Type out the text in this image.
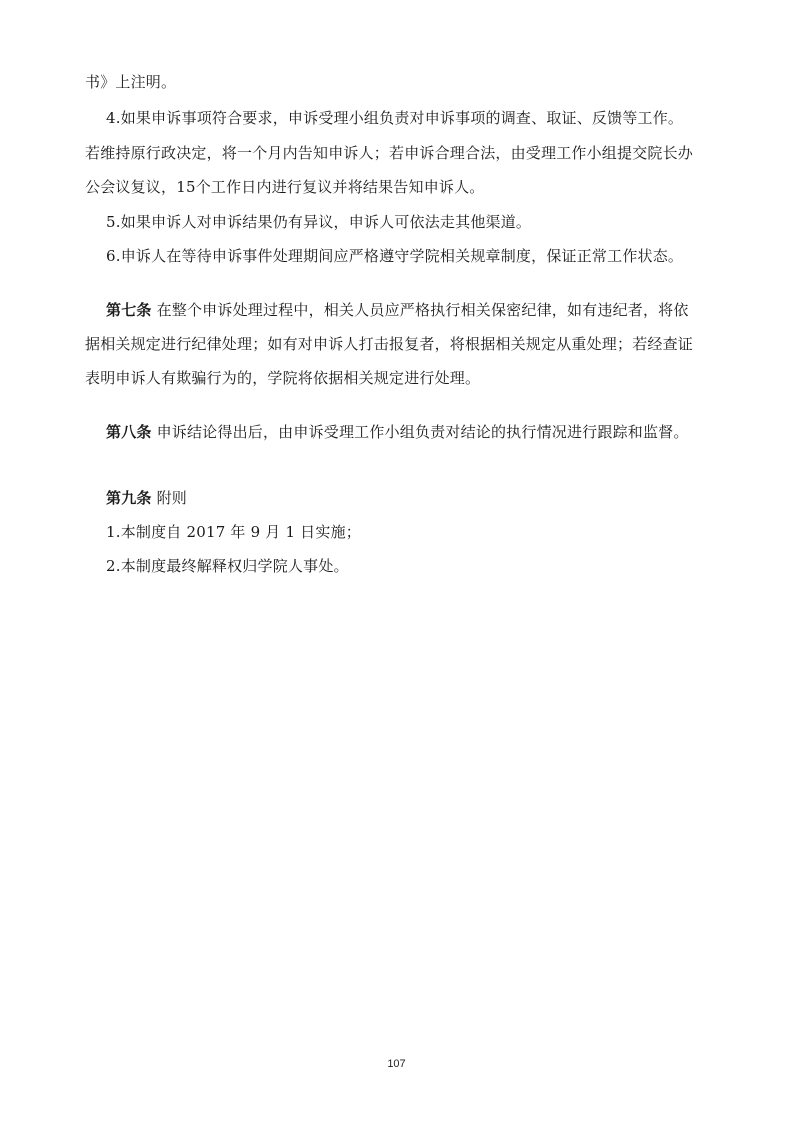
书》上注明。
4.如果申诉事项符合要求，申诉受理小组负责对申诉事项的调查、取证、反馈等工作。
若维持原行政决定，将一个月内告知申诉人；若申诉合理合法，由受理工作小组提交院长办
公会议复议，15个工作日内进行复议并将结果告知申诉人。
5.如果申诉人对申诉结果仍有异议，申诉人可依法走其他渠道。
6.申诉人在等待申诉事件处理期间应严格遵守学院相关规章制度，保证正常工作状态。
第七条 在整个申诉处理过程中，相关人员应严格执行相关保密纪律，如有违纪者，将依
据相关规定进行纪律处理；如有对申诉人打击报复者，将根据相关规定从重处理；若经查证
表明申诉人有欺骗行为的，学院将依据相关规定进行处理。
第八条 申诉结论得出后，由申诉受理工作小组负责对结论的执行情况进行跟踪和监督。
第九条 附则
1.本制度自 2017 年 9 月 1 日实施；
2.本制度最终解释权归学院人事处。
107
